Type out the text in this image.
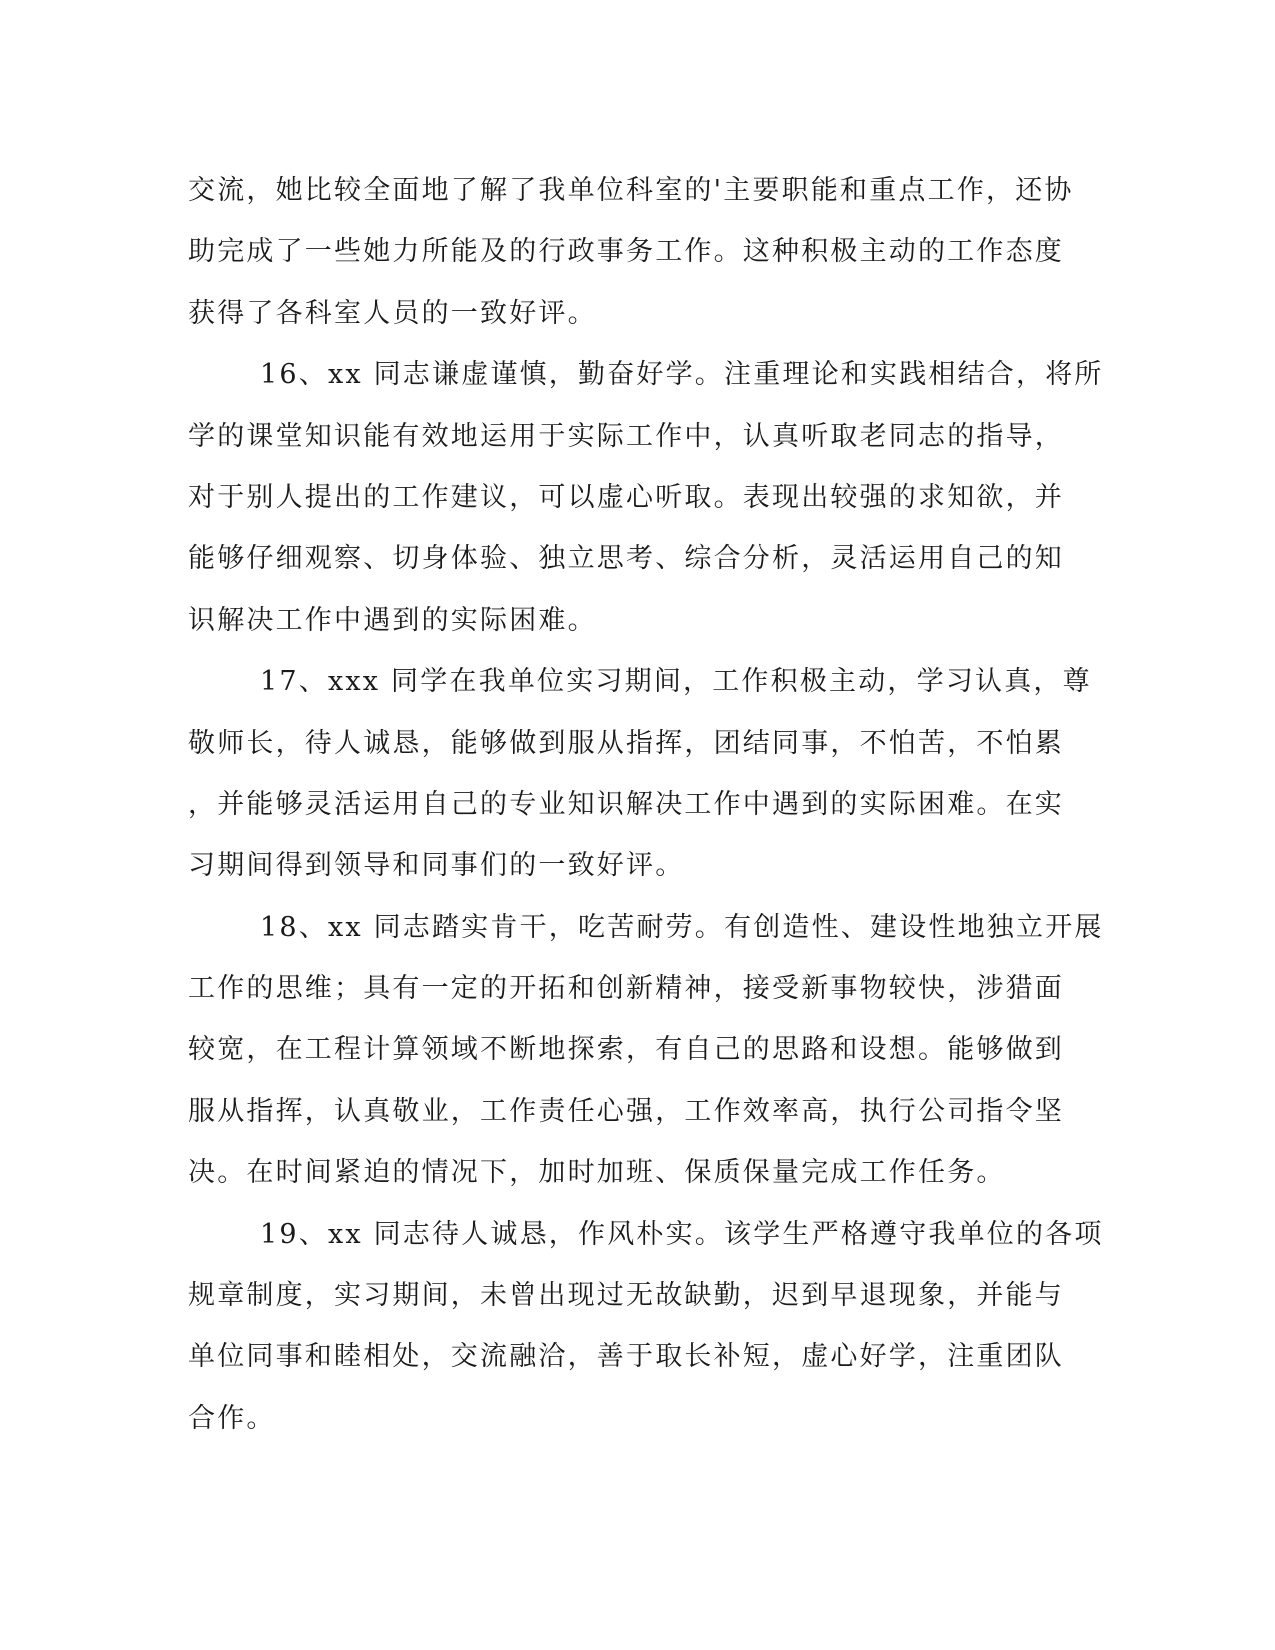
交流，她比较全面地了解了我单位科室的'主要职能和重点工作，还协
助完成了一些她力所能及的行政事务工作。这种积极主动的工作态度
获得了各科室人员的一致好评。

16、xx 同志谦虚谨慎，勤奋好学。注重理论和实践相结合，将所
学的课堂知识能有效地运用于实际工作中，认真听取老同志的指导，
对于别人提出的工作建议，可以虚心听取。表现出较强的求知欲，并
能够仔细观察、切身体验、独立思考、综合分析，灵活运用自己的知
识解决工作中遇到的实际困难。

17、xxx 同学在我单位实习期间，工作积极主动，学习认真，尊
敬师长，待人诚恳，能够做到服从指挥，团结同事，不怕苦，不怕累
，并能够灵活运用自己的专业知识解决工作中遇到的实际困难。在实
习期间得到领导和同事们的一致好评。

18、xx 同志踏实肯干，吃苦耐劳。有创造性、建设性地独立开展
工作的思维；具有一定的开拓和创新精神，接受新事物较快，涉猎面
较宽，在工程计算领域不断地探索，有自己的思路和设想。能够做到
服从指挥，认真敬业，工作责任心强，工作效率高，执行公司指令坚
决。在时间紧迫的情况下，加时加班、保质保量完成工作任务。

19、xx 同志待人诚恳，作风朴实。该学生严格遵守我单位的各项
规章制度，实习期间，未曾出现过无故缺勤，迟到早退现象，并能与
单位同事和睦相处，交流融洽，善于取长补短，虚心好学，注重团队
合作。
